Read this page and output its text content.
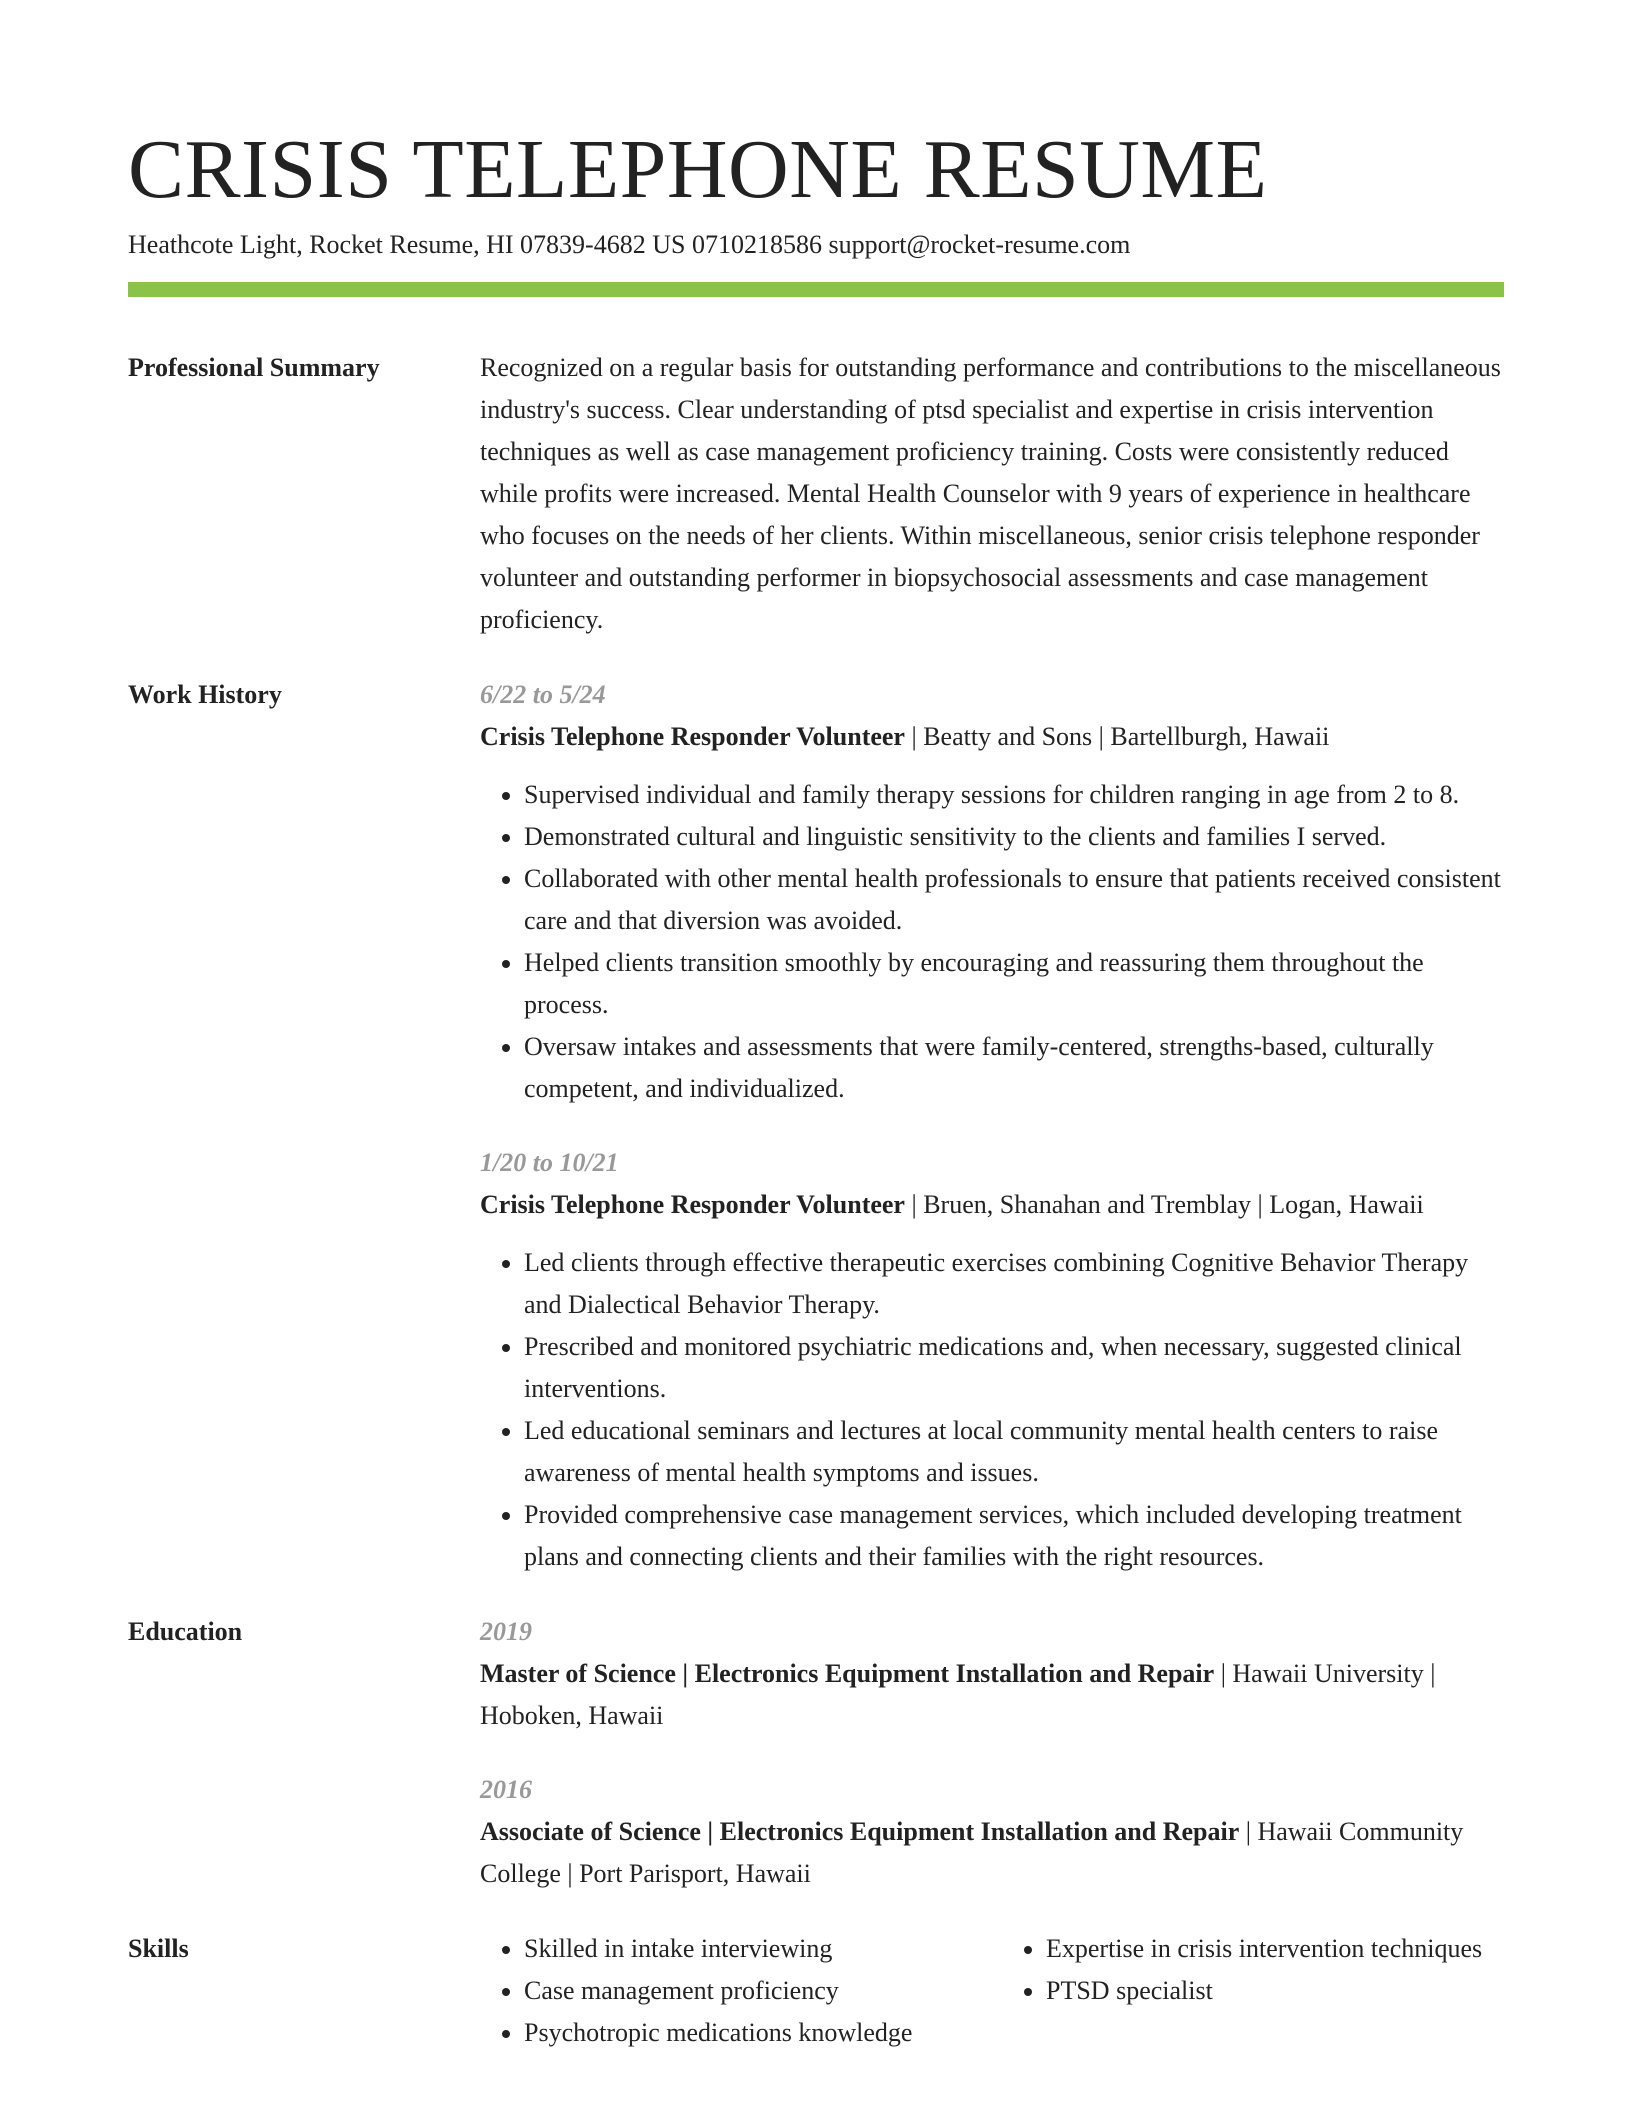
CRISIS TELEPHONE RESUME
Heathcote Light, Rocket Resume, HI 07839-4682 US 0710218586 support@rocket-resume.com
Professional Summary	Recognized on a regular basis for outstanding performance and contributions to the miscellaneous industry's success. Clear understanding of ptsd specialist and expertise in crisis intervention techniques as well as case management proficiency training. Costs were consistently reduced while profits were increased. Mental Health Counselor with 9 years of experience in healthcare who focuses on the needs of her clients. Within miscellaneous, senior crisis telephone responder volunteer and outstanding performer in biopsychosocial assessments and case management proficiency.
Work History	6/22 to 5/24
Crisis Telephone Responder Volunteer | Beatty and Sons | Bartellburgh, Hawaii
• Supervised individual and family therapy sessions for children ranging in age from 2 to 8.
• Demonstrated cultural and linguistic sensitivity to the clients and families I served.
• Collaborated with other mental health professionals to ensure that patients received consistent care and that diversion was avoided.
• Helped clients transition smoothly by encouraging and reassuring them throughout the process.
• Oversaw intakes and assessments that were family-centered, strengths-based, culturally competent, and individualized.
1/20 to 10/21
Crisis Telephone Responder Volunteer | Bruen, Shanahan and Tremblay | Logan, Hawaii
• Led clients through effective therapeutic exercises combining Cognitive Behavior Therapy and Dialectical Behavior Therapy.
• Prescribed and monitored psychiatric medications and, when necessary, suggested clinical interventions.
• Led educational seminars and lectures at local community mental health centers to raise awareness of mental health symptoms and issues.
• Provided comprehensive case management services, which included developing treatment plans and connecting clients and their families with the right resources.
Education	2019
Master of Science | Electronics Equipment Installation and Repair | Hawaii University | Hoboken, Hawaii
2016
Associate of Science | Electronics Equipment Installation and Repair | Hawaii Community College | Port Parisport, Hawaii
Skills
•	Skilled in intake interviewing
• Case management proficiency
• Psychotropic medications knowledge
• Expertise in crisis intervention techniques
• PTSD specialist
